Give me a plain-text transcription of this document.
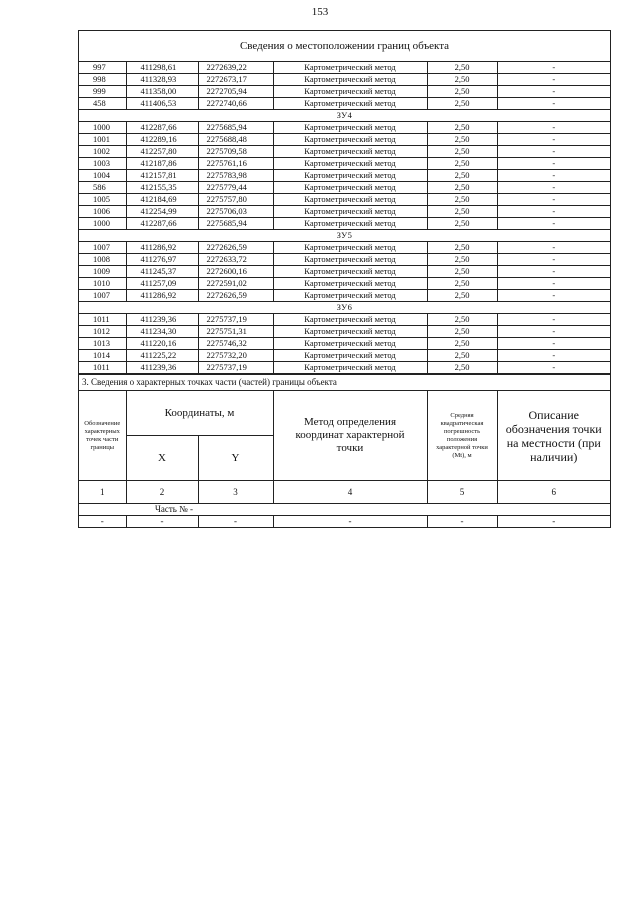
153
Сведения о местоположении границ объекта
997	411298,61	2272639,22	Картометрический метод	2,50	-
998	411328,93	2272673,17	Картометрический метод	2,50	-
999	411358,00	2272705,94	Картометрический метод	2,50	-
458	411406,53	2272740,66	Картометрический метод	2,50	-
ЗУ4					
1000	412287,66	2275685,94	Картометрический метод	2,50	-
1001	412289,16	2275688,48	Картометрический метод	2,50	-
1002	412257,80	2275709,58	Картометрический метод	2,50	-
1003	412187,86	2275761,16	Картометрический метод	2,50	-
1004	412157,81	2275783,98	Картометрический метод	2,50	-
586	412155,35	2275779,44	Картометрический метод	2,50	-
1005	412184,69	2275757,80	Картометрический метод	2,50	-
1006	412254,99	2275706,03	Картометрический метод	2,50	-
1000	412287,66	2275685,94	Картометрический метод	2,50	-
ЗУ5					
1007	411286,92	2272626,59	Картометрический метод	2,50	-
1008	411276,97	2272633,72	Картометрический метод	2,50	-
1009	411245,37	2272600,16	Картометрический метод	2,50	-
1010	411257,09	2272591,02	Картометрический метод	2,50	-
1007	411286,92	2272626,59	Картометрический метод	2,50	-
ЗУ6					
1011	411239,36	2275737,19	Картометрический метод	2,50	-
1012	411234,30	2275751,31	Картометрический метод	2,50	-
1013	411220,16	2275746,32	Картометрический метод	2,50	-
1014	411225,22	2275732,20	Картометрический метод	2,50	-
1011	411239,36	2275737,19	Картометрический метод	2,50	-
3. Сведения о характерных точках части (частей) границы объекта
Обозначение характерных точек части границы	Координаты, м		Метод определения координат характерной точки	Средняя квадратическая погрешность положения характерной точки (Mt), м	Описание обозначения точки на местности (при наличии)
	X	Y			
1	2	3	4	5	6
Часть № -					
-	-	-	-	-	-
